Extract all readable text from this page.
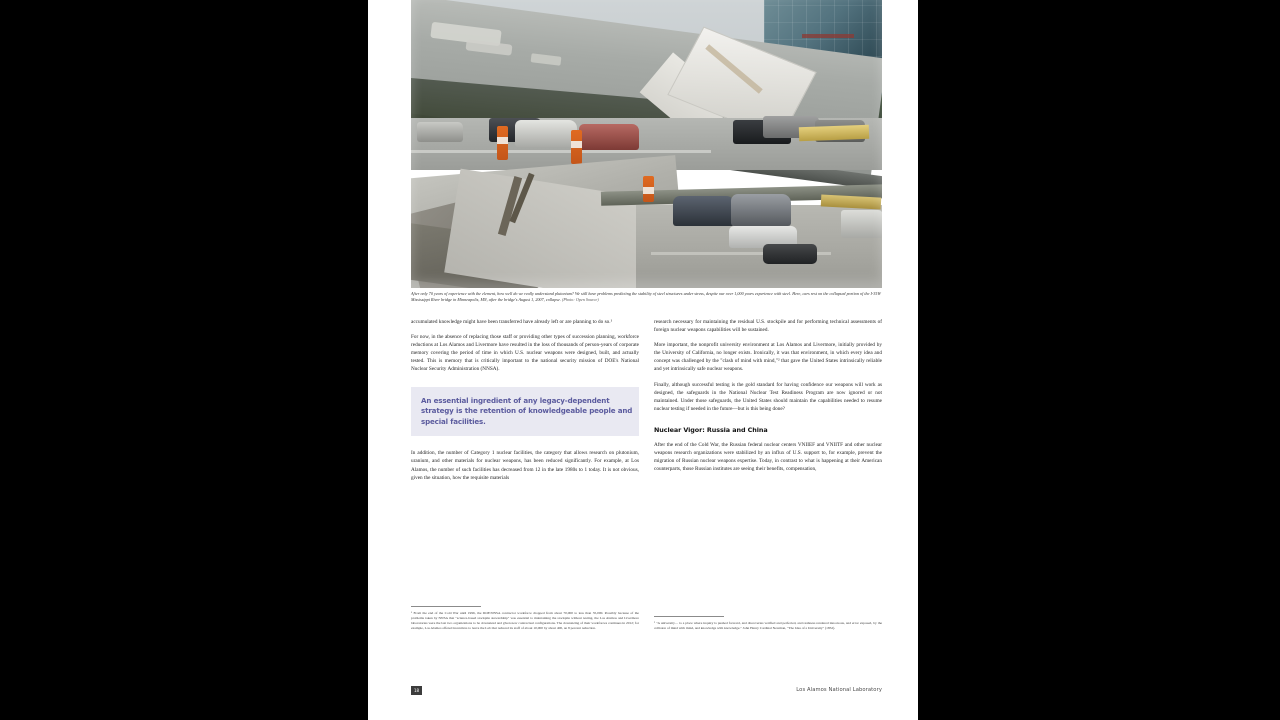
After only 70 years of experience with the element, how well do we really understand plutonium? We still have problems predicting the stability of steel structures under stress, despite our over 1,000 years experience with steel. Here, cars rest on the collapsed portion of the I-35W Mississippi River bridge in Minneapolis, MN, after the bridge's August 1, 2007, collapse. (Photo: Open Source)

accumulated knowledge might have been transferred have already left or are planning to do so.¹

For now, in the absence of replacing those staff or providing other types of succession planning, workforce reductions at Los Alamos and Livermore have resulted in the loss of thousands of person-years of corporate memory covering the period of time in which U.S. nuclear weapons were designed, built, and actually tested. This is memory that is critically important to the national security mission of DOE's National Nuclear Security Administration (NNSA).

An essential ingredient of any legacy-dependent strategy is the retention of knowledgeable people and special facilities.

In addition, the number of Category 1 nuclear facilities, the category that allows research on plutonium, uranium, and other materials for nuclear weapons, has been reduced significantly. For example, at Los Alamos, the number of such facilities has decreased from 12 in the late 1980s to 1 today. It is not obvious, given the situation, how the requisite materials

research necessary for maintaining the residual U.S. stockpile and for performing technical assessments of foreign nuclear weapons capabilities will be sustained.

More important, the nonprofit university environment at Los Alamos and Livermore, initially provided by the University of California, no longer exists. Ironically, it was that environment, in which every idea and concept was challenged by the "clash of mind with mind,"² that gave the United States intrinsically reliable and yet intrinsically safe nuclear weapons.

Finally, although successful testing is the gold standard for having confidence our weapons will work as designed, the safeguards in the National Nuclear Test Readiness Program are now ignored or not maintained. Under those safeguards, the United States should maintain the capabilities needed to resume nuclear testing if needed in the future—but is this being done?

Nuclear Vigor: Russia and China

After the end of the Cold War, the Russian federal nuclear centers VNIIEF and VNIITF and other nuclear weapons research organizations were stabilized by an influx of U.S. support to, for example, prevent the migration of Russian nuclear weapons expertise. Today, in contrast to what is happening at their American counterparts, those Russian institutes are seeing their benefits, compensation,

¹ From the end of the Cold War until 1996, the DOE/NNSA contractor workforce dropped from about 70,000 to less than 35,000. Possibly because of the problems taken by NNSA that "science-based stockpile stewardship" was essential to maintaining the stockpile without testing, the Los Alamos and Livermore laboratories were the last two organizations to be downsized and given new contractual configurations. The downsizing of their workforces continues in 2012; for example, Los Alamos offered incentives to leave the Lab that reduced its staff of about 10,000 by about 400, an 8 percent reduction.
² "A university… is a place where inquiry is pushed forward, and discoveries verified and perfected, and rashness rendered innocuous, and error exposed, by the collision of mind with mind, and knowledge with knowledge." John Henry Cardinal Newman, "The Idea of a University" (1852).
18	Los Alamos National Laboratory
